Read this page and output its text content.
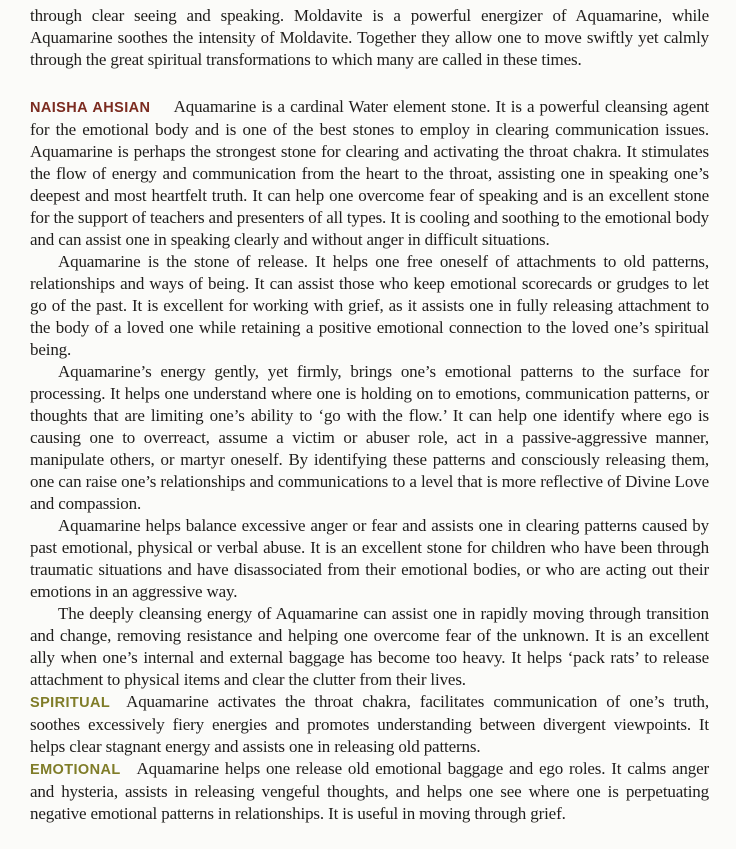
through clear seeing and speaking. Moldavite is a powerful energizer of Aquamarine, while Aquamarine soothes the intensity of Moldavite. Together they allow one to move swiftly yet calmly through the great spiritual transformations to which many are called in these times.

NAISHA AHSIAN Aquamarine is a cardinal Water element stone. It is a powerful cleansing agent for the emotional body and is one of the best stones to employ in clearing communication issues. Aquamarine is perhaps the strongest stone for clearing and activating the throat chakra. It stimulates the flow of energy and communication from the heart to the throat, assisting one in speaking one’s deepest and most heartfelt truth. It can help one overcome fear of speaking and is an excellent stone for the support of teachers and presenters of all types. It is cooling and soothing to the emotional body and can assist one in speaking clearly and without anger in difficult situations.

Aquamarine is the stone of release. It helps one free oneself of attachments to old patterns, relationships and ways of being. It can assist those who keep emotional scorecards or grudges to let go of the past. It is excellent for working with grief, as it assists one in fully releasing attachment to the body of a loved one while retaining a positive emotional connection to the loved one’s spiritual being.

Aquamarine’s energy gently, yet firmly, brings one’s emotional patterns to the surface for processing. It helps one understand where one is holding on to emotions, communication patterns, or thoughts that are limiting one’s ability to ‘go with the flow.’ It can help one identify where ego is causing one to overreact, assume a victim or abuser role, act in a passive-aggressive manner, manipulate others, or martyr oneself. By identifying these patterns and consciously releasing them, one can raise one’s relationships and communications to a level that is more reflective of Divine Love and compassion.

Aquamarine helps balance excessive anger or fear and assists one in clearing patterns caused by past emotional, physical or verbal abuse. It is an excellent stone for children who have been through traumatic situations and have disassociated from their emotional bodies, or who are acting out their emotions in an aggressive way.

The deeply cleansing energy of Aquamarine can assist one in rapidly moving through transition and change, removing resistance and helping one overcome fear of the unknown. It is an excellent ally when one’s internal and external baggage has become too heavy. It helps ‘pack rats’ to release attachment to physical items and clear the clutter from their lives.

SPIRITUAL Aquamarine activates the throat chakra, facilitates communication of one’s truth, soothes excessively fiery energies and promotes understanding between divergent viewpoints. It helps clear stagnant energy and assists one in releasing old patterns.

EMOTIONAL Aquamarine helps one release old emotional baggage and ego roles. It calms anger and hysteria, assists in releasing vengeful thoughts, and helps one see where one is perpetuating negative emotional patterns in relationships. It is useful in moving through grief.
